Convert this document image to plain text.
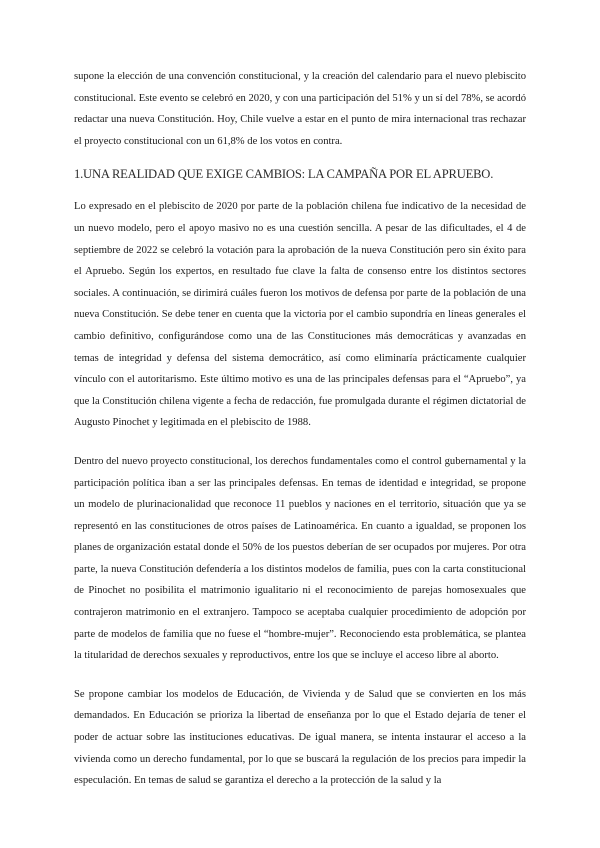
supone la elección de una convención constitucional, y la creación del calendario para el nuevo plebiscito constitucional. Este evento se celebró en 2020, y con una participación del 51% y un sí del 78%, se acordó redactar una nueva Constitución. Hoy, Chile vuelve a estar en el punto de mira internacional tras rechazar el proyecto constitucional con un 61,8% de los votos en contra.

1.UNA REALIDAD QUE EXIGE CAMBIOS: LA CAMPAÑA POR EL APRUEBO.

Lo expresado en el plebiscito de 2020 por parte de la población chilena fue indicativo de la necesidad de un nuevo modelo, pero el apoyo masivo no es una cuestión sencilla. A pesar de las dificultades, el 4 de septiembre de 2022 se celebró la votación para la aprobación de la nueva Constitución pero sin éxito para el Apruebo. Según los expertos, en resultado fue clave la falta de consenso entre los distintos sectores sociales. A continuación, se dirimirá cuáles fueron los motivos de defensa por parte de la población de una nueva Constitución. Se debe tener en cuenta que la victoria por el cambio supondría en líneas generales el cambio definitivo, configurándose como una de las Constituciones más democráticas y avanzadas en temas de integridad y defensa del sistema democrático, así como eliminaría prácticamente cualquier vínculo con el autoritarismo. Este último motivo es una de las principales defensas para el “Apruebo”, ya que la Constitución chilena vigente a fecha de redacción, fue promulgada durante el régimen dictatorial de Augusto Pinochet y legitimada en el plebiscito de 1988.

Dentro del nuevo proyecto constitucional, los derechos fundamentales como el control gubernamental y la participación política iban a ser las principales defensas. En temas de identidad e integridad, se propone un modelo de plurinacionalidad que reconoce 11 pueblos y naciones en el territorio, situación que ya se representó en las constituciones de otros países de Latinoamérica. En cuanto a igualdad, se proponen los planes de organización estatal donde el 50% de los puestos deberían de ser ocupados por mujeres. Por otra parte, la nueva Constitución defendería a los distintos modelos de familia, pues con la carta constitucional de Pinochet no posibilita el matrimonio igualitario ni el reconocimiento de parejas homosexuales que contrajeron matrimonio en el extranjero. Tampoco se aceptaba cualquier procedimiento de adopción por parte de modelos de familia que no fuese el “hombre-mujer”. Reconociendo esta problemática, se plantea la titularidad de derechos sexuales y reproductivos, entre los que se incluye el acceso libre al aborto.

Se propone cambiar los modelos de Educación, de Vivienda y de Salud que se convierten en los más demandados. En Educación se prioriza la libertad de enseñanza por lo que el Estado dejaría de tener el poder de actuar sobre las instituciones educativas. De igual manera, se intenta instaurar el acceso a la vivienda como un derecho fundamental, por lo que se buscará la regulación de los precios para impedir la especulación. En temas de salud se garantiza el derecho a la protección de la salud y la
